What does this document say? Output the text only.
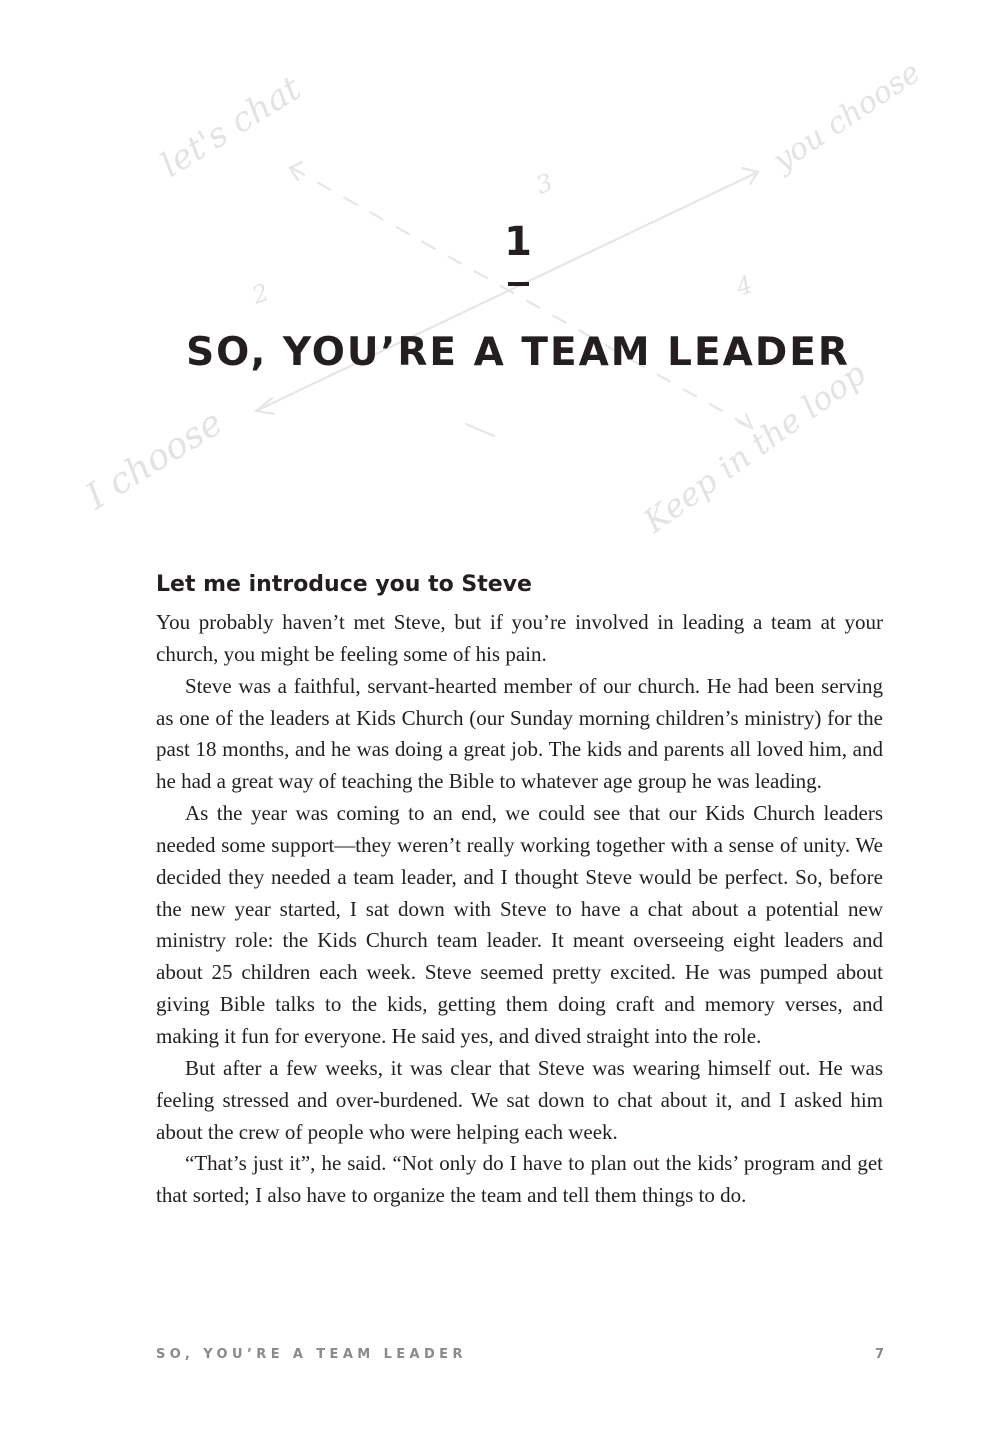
let's chat	you choose
I choose	Keep in the loop
2
3
4
1
SO, YOU’RE A TEAM LEADER
Let me introduce you to Steve

You probably haven’t met Steve, but if you’re involved in leading a team at your church, you might be feeling some of his pain.

Steve was a faithful, servant-hearted member of our church. He had been serving as one of the leaders at Kids Church (our Sunday morning children’s ministry) for the past 18 months, and he was doing a great job. The kids and parents all loved him, and he had a great way of teaching the Bible to whatever age group he was leading.

As the year was coming to an end, we could see that our Kids Church leaders needed some support—they weren’t really working together with a sense of unity. We decided they needed a team leader, and I thought Steve would be perfect. So, before the new year started, I sat down with Steve to have a chat about a potential new ministry role: the Kids Church team leader. It meant overseeing eight leaders and about 25 children each week. Steve seemed pretty excited. He was pumped about giving Bible talks to the kids, getting them doing craft and memory verses, and making it fun for everyone. He said yes, and dived straight into the role.

But after a few weeks, it was clear that Steve was wearing himself out. He was feeling stressed and over-burdened. We sat down to chat about it, and I asked him about the crew of people who were helping each week.

“That’s just it”, he said. “Not only do I have to plan out the kids’ program and get that sorted; I also have to organize the team and tell them things to do.

SO, YOU’RE A TEAM LEADER	7
